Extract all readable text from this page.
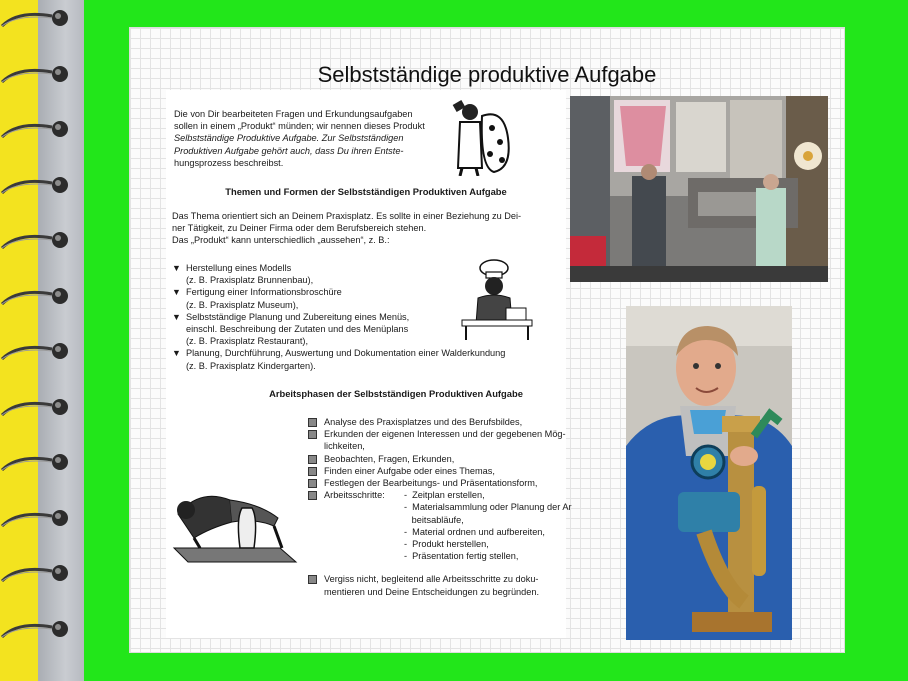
Selbstständige produktive Aufgabe

Die von Dir bearbeiteten Fragen und Erkundungsaufgaben

sollen in einem „Produkt“ münden; wir nennen dieses Produkt

Selbstständige Produktive Aufgabe. Zur Selbstständigen

Produktiven Aufgabe gehört auch, dass Du ihren Entste-

hungsprozess beschreibst.

Themen und Formen der Selbstständigen Produktiven Aufgabe

Das Thema orientiert sich an Deinem Praxisplatz. Es sollte in einer Beziehung zu Dei-

ner Tätigkeit, zu Deiner Firma oder dem Berufsbereich stehen.

Das „Produkt“ kann unterschiedlich „aussehen“, z. B.:

▼ Herstellung eines Modells

(z. B. Praxisplatz Brunnenbau),

▼ Fertigung einer Informationsbroschüre

(z. B. Praxisplatz Museum),

▼ Selbstständige Planung und Zubereitung eines Menüs,

einschl. Beschreibung der Zutaten und des Menüplans

(z. B. Praxisplatz Restaurant),

▼ Planung, Durchführung, Auswertung und Dokumentation einer Walderkundung

(z. B. Praxisplatz Kindergarten).

Arbeitsphasen der Selbstständigen Produktiven Aufgabe

Analyse des Praxisplatzes und des Berufsbildes,

Erkunden der eigenen Interessen und der gegebenen Mög-

lichkeiten,

Beobachten, Fragen, Erkunden,

Finden einer Aufgabe oder eines Themas,

Festlegen der Bearbeitungs- und Präsentationsform,

Arbeitsschritte:	-  Zeitplan erstellen,

-  Materialsammlung oder Planung der Ar

beitsabläufe,

-  Material ordnen und aufbereiten,

-  Produkt herstellen,

-  Präsentation fertig stellen,

Vergiss nicht, begleitend alle Arbeitsschritte zu doku-

mentieren und Deine Entscheidungen zu begründen.
